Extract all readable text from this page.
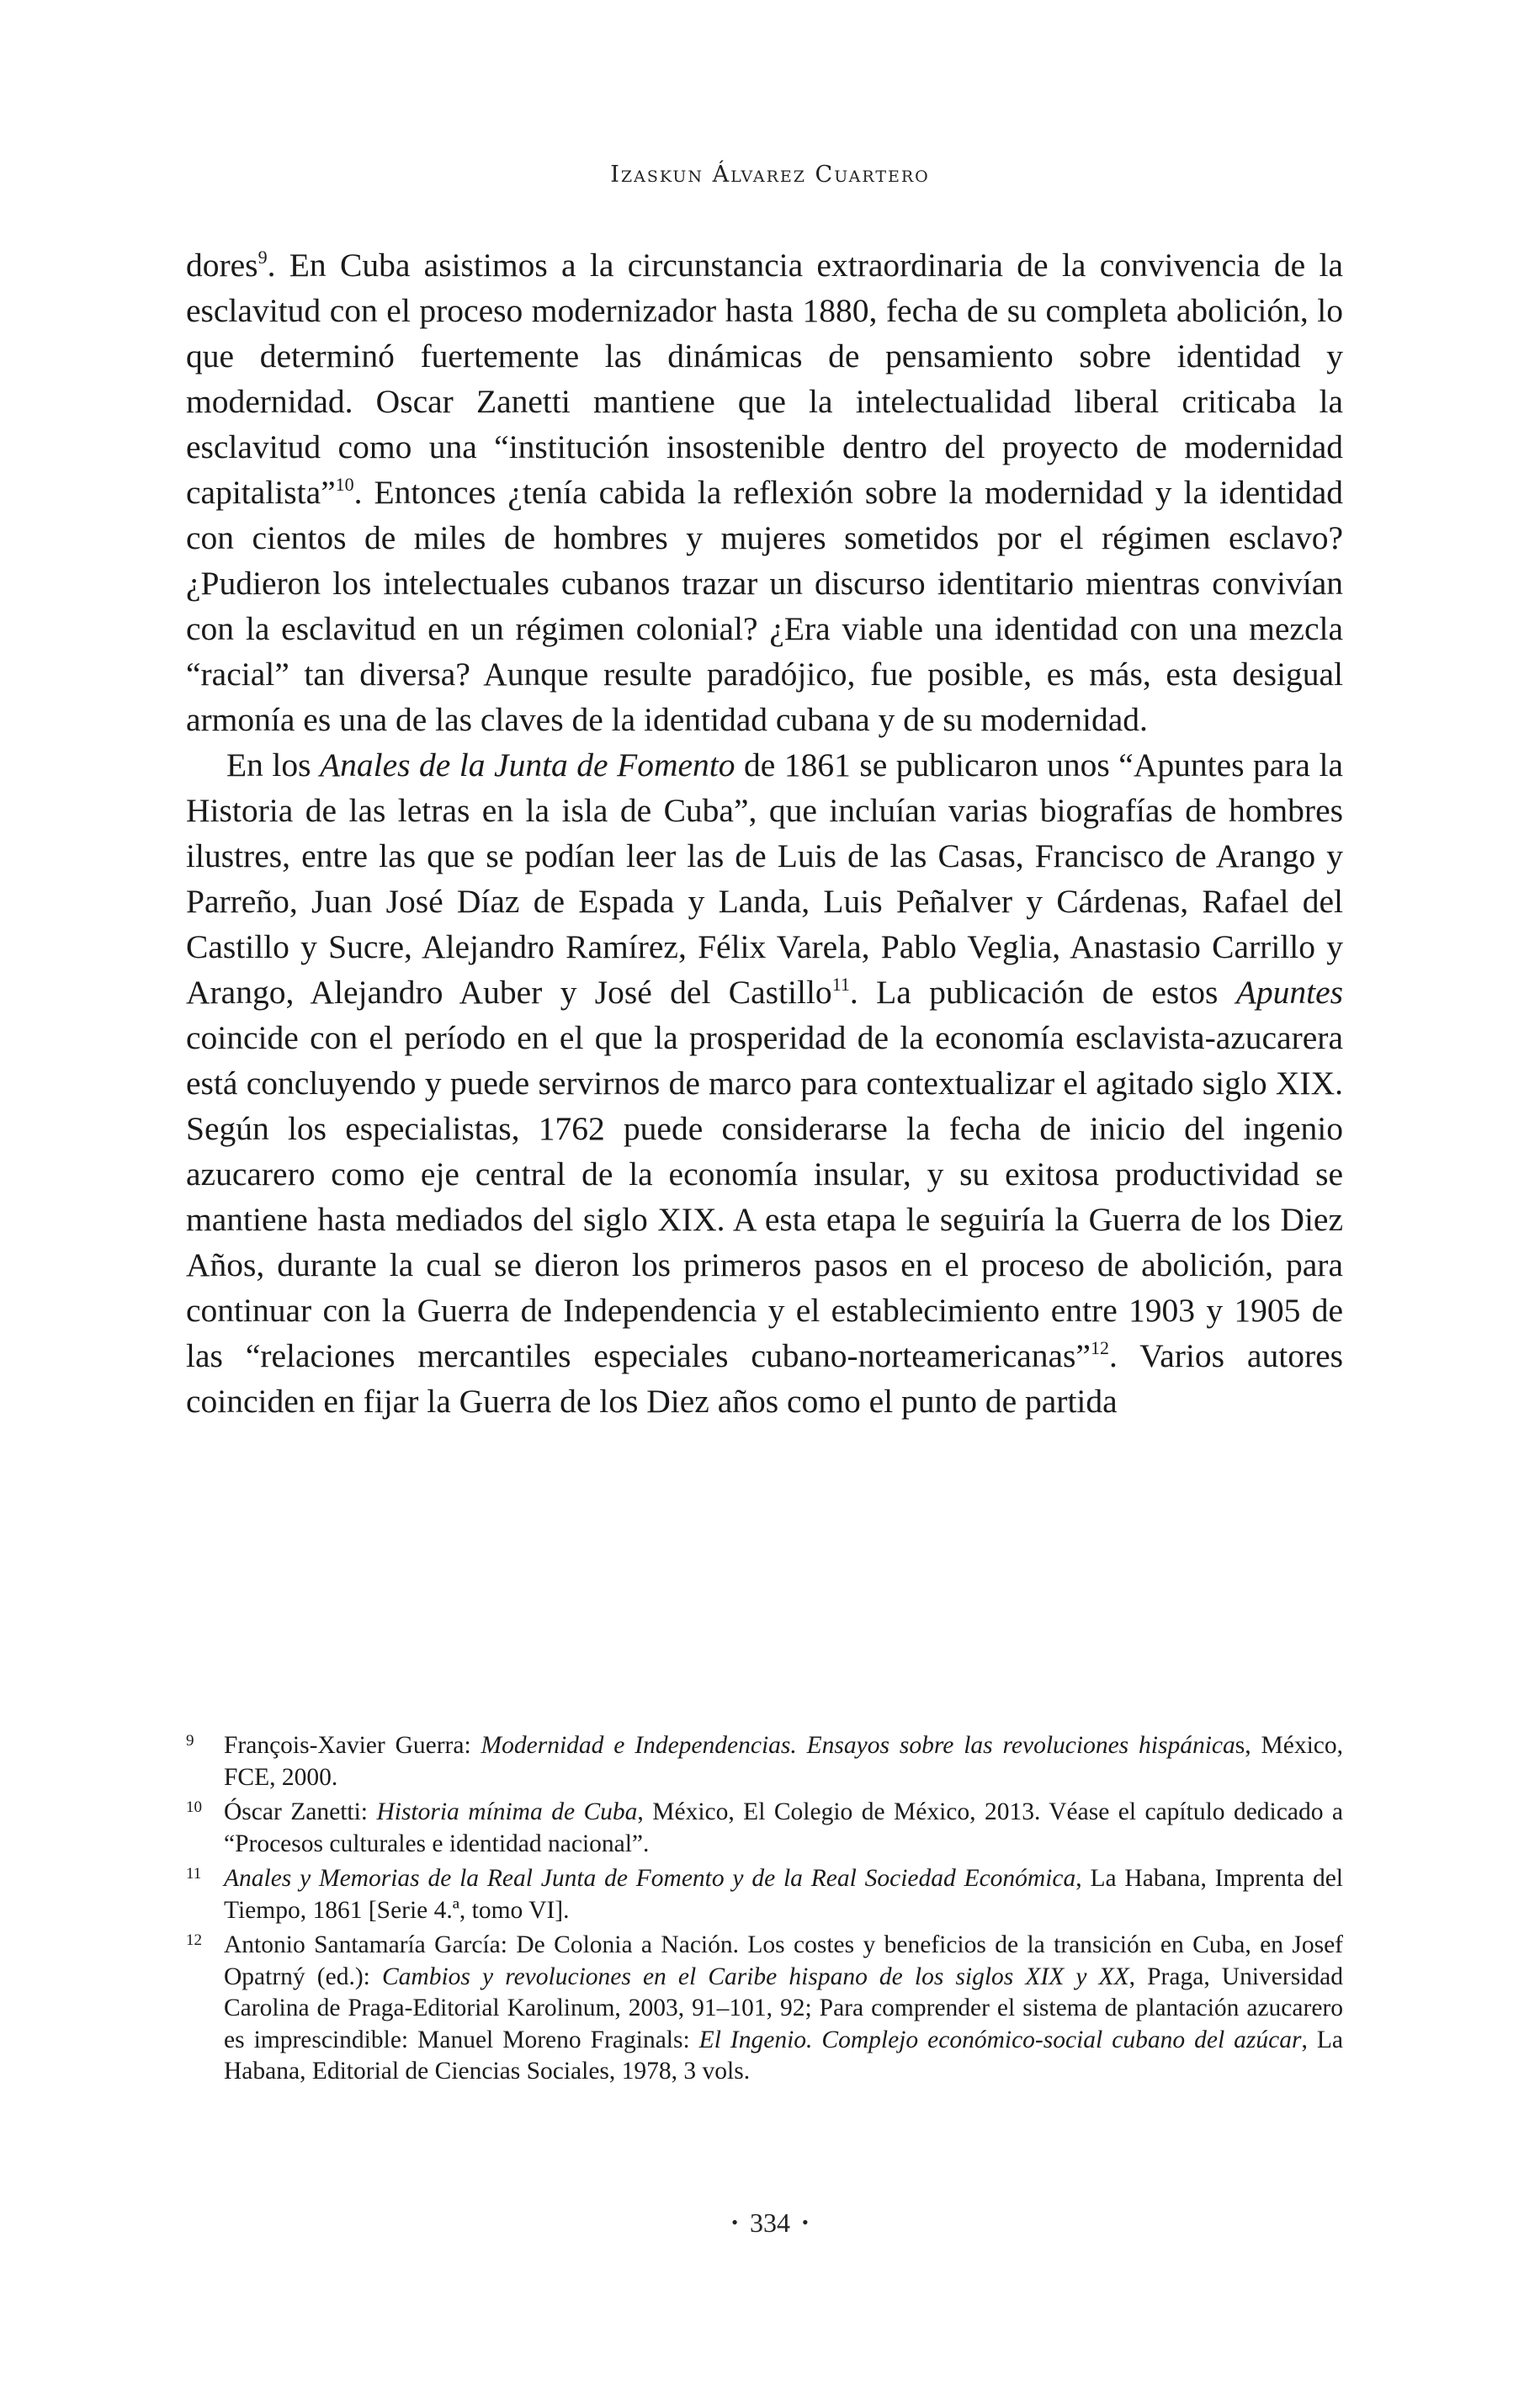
Izaskun Álvarez Cuartero

dores$^9$. En Cuba asistimos a la circunstancia extraordinaria de la convivencia de la esclavitud con el proceso modernizador hasta 1880, fecha de su completa abolición, lo que determinó fuertemente las dinámicas de pensamiento sobre identidad y modernidad. Oscar Zanetti mantiene que la intelectualidad liberal criticaba la esclavitud como una “institución insostenible dentro del proyecto de modernidad capitalista”$^{10}$. Entonces ¿tenía cabida la reflexión sobre la modernidad y la identidad con cientos de miles de hombres y mujeres sometidos por el régimen esclavo? ¿Pudieron los intelectuales cubanos trazar un discurso identitario mientras convivían con la esclavitud en un régimen colonial? ¿Era viable una identidad con una mezcla “racial” tan diversa? Aunque resulte paradójico, fue posible, es más, esta desigual armonía es una de las claves de la identidad cubana y de su modernidad.

En los Anales de la Junta de Fomento de 1861 se publicaron unos “Apuntes para la Historia de las letras en la isla de Cuba”, que incluían varias biografías de hombres ilustres, entre las que se podían leer las de Luis de las Casas, Francisco de Arango y Parreño, Juan José Díaz de Espada y Landa, Luis Peñalver y Cárdenas, Rafael del Castillo y Sucre, Alejandro Ramírez, Félix Varela, Pablo Veglia, Anastasio Carrillo y Arango, Alejandro Auber y José del Castillo$^{11}$. La publicación de estos Apuntes coincide con el período en el que la prosperidad de la economía esclavista-azucarera está concluyendo y puede servirnos de marco para contextualizar el agitado siglo XIX. Según los especialistas, 1762 puede considerarse la fecha de inicio del ingenio azucarero como eje central de la economía insular, y su exitosa productividad se mantiene hasta mediados del siglo XIX. A esta etapa le seguiría la Guerra de los Diez Años, durante la cual se dieron los primeros pasos en el proceso de abolición, para continuar con la Guerra de Independencia y el establecimiento entre 1903 y 1905 de las “relaciones mercantiles especiales cubano-norteamericanas”$^{12}$. Varios autores coinciden en fijar la Guerra de los Diez años como el punto de partida

9 François-Xavier Guerra: Modernidad e Independencias. Ensayos sobre las revoluciones hispánicas, México, FCE, 2000.
10 Óscar Zanetti: Historia mínima de Cuba, México, El Colegio de México, 2013. Véase el capítulo dedicado a “Procesos culturales e identidad nacional”.
11 Anales y Memorias de la Real Junta de Fomento y de la Real Sociedad Económica, La Habana, Imprenta del Tiempo, 1861 [Serie 4.ª, tomo VI].
12 Antonio Santamaría García: De Colonia a Nación. Los costes y beneficios de la transición en Cuba, en Josef Opatrný (ed.): Cambios y revoluciones en el Caribe hispano de los siglos XIX y XX, Praga, Universidad Carolina de Praga-Editorial Karolinum, 2003, 91–101, 92; Para comprender el sistema de plantación azucarero es imprescindible: Manuel Moreno Fraginals: El Ingenio. Complejo económico-social cubano del azúcar, La Habana, Editorial de Ciencias Sociales, 1978, 3 vols.
• 334 •
